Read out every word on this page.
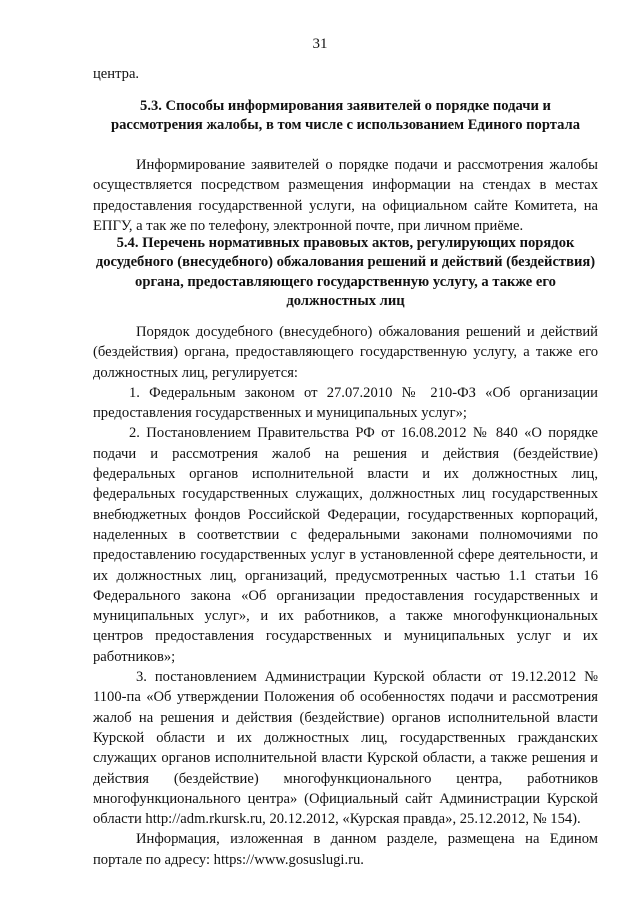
31

центра.

5.3. Способы информирования заявителей о порядке подачи и рассмотрения жалобы, в том числе с использованием Единого портала

Информирование заявителей о порядке подачи и рассмотрения жалобы осуществляется посредством размещения информации на стендах в местах предоставления государственной услуги, на официальном сайте Комитета, на ЕПГУ, а так же по телефону, электронной почте, при личном приёме.

5.4. Перечень нормативных правовых актов, регулирующих порядок досудебного (внесудебного) обжалования решений и действий (бездействия) органа, предоставляющего государственную услугу, а также его должностных лиц

Порядок досудебного (внесудебного) обжалования решений и действий (бездействия) органа, предоставляющего государственную услугу, а также его должностных лиц, регулируется:

1. Федеральным законом от 27.07.2010 № 210-ФЗ «Об организации предоставления государственных и муниципальных услуг»;

2. Постановлением Правительства РФ от 16.08.2012 № 840 «О порядке подачи и рассмотрения жалоб на решения и действия (бездействие) федеральных органов исполнительной власти и их должностных лиц, федеральных государственных служащих, должностных лиц государственных внебюджетных фондов Российской Федерации, государственных корпораций, наделенных в соответствии с федеральными законами полномочиями по предоставлению государственных услуг в установленной сфере деятельности, и их должностных лиц, организаций, предусмотренных частью 1.1 статьи 16 Федерального закона «Об организации предоставления государственных и муниципальных услуг», и их работников, а также многофункциональных центров предоставления государственных и муниципальных услуг и их работников»;

3. постановлением Администрации Курской области от 19.12.2012 № 1100-па «Об утверждении Положения об особенностях подачи и рассмотрения жалоб на решения и действия (бездействие) органов исполнительной власти Курской области и их должностных лиц, государственных гражданских служащих органов исполнительной власти Курской области, а также решения и действия (бездействие) многофункционального центра, работников многофункционального центра» (Официальный сайт Администрации Курской области http://adm.rkursk.ru, 20.12.2012, «Курская правда», 25.12.2012, № 154).

Информация, изложенная в данном разделе, размещена на Едином портале по адресу: https://www.gosuslugi.ru.
